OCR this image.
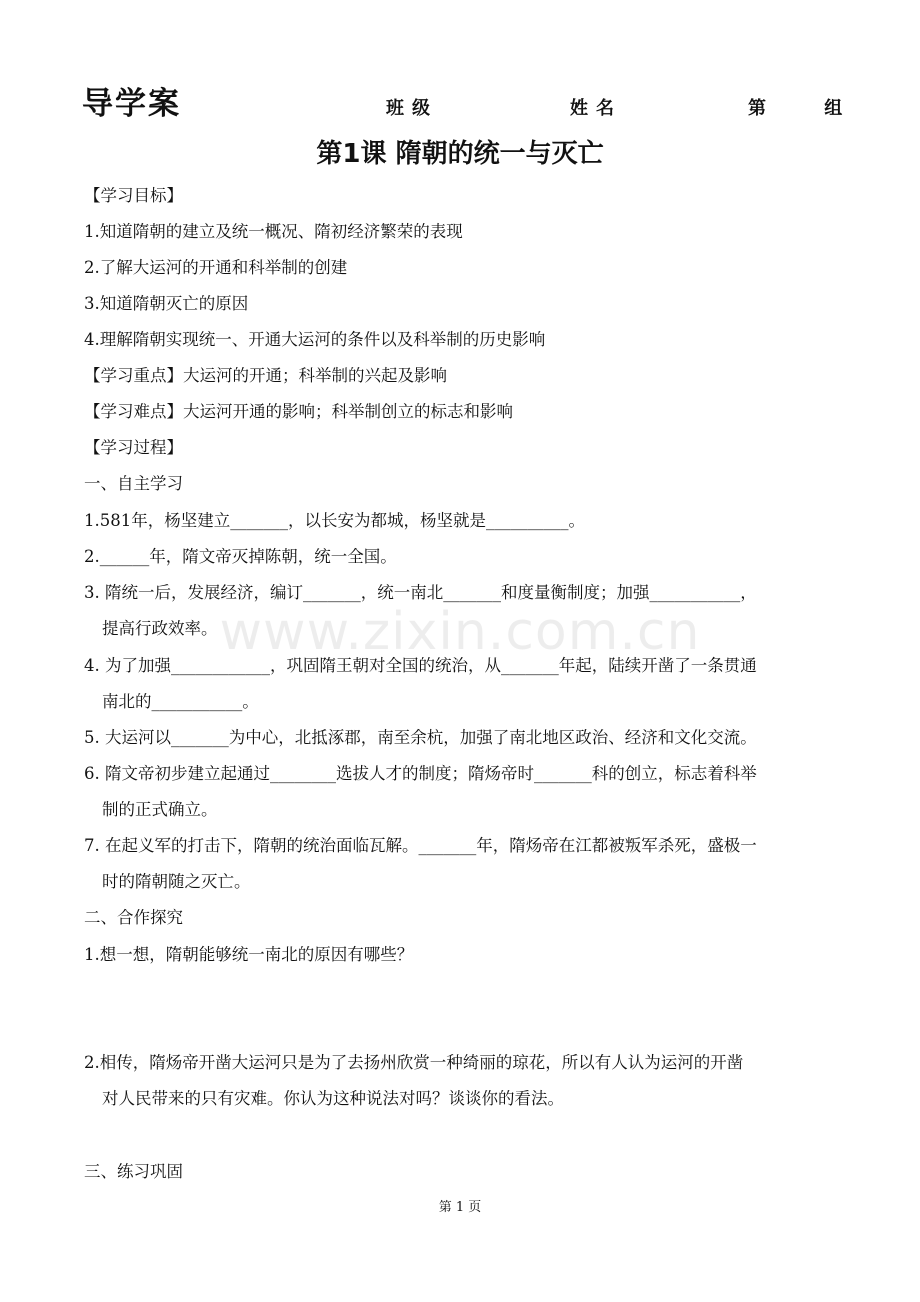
导学案	班级	姓名	第 组
第1课 隋朝的统一与灭亡
【学习目标】
1.知道隋朝的建立及统一概况、隋初经济繁荣的表现
2.了解大运河的开通和科举制的创建
3.知道隋朝灭亡的原因
4.理解隋朝实现统一、开通大运河的条件以及科举制的历史影响
【学习重点】大运河的开通；科举制的兴起及影响
【学习难点】大运河开通的影响；科举制创立的标志和影响
【学习过程】
一、自主学习
1.581年，杨坚建立_______，以长安为都城，杨坚就是__________。
2.______年，隋文帝灭掉陈朝，统一全国。
3. 隋统一后，发展经济，编订_______，统一南北_______和度量衡制度；加强___________，
提高行政效率。
4. 为了加强____________，巩固隋王朝对全国的统治，从_______年起，陆续开凿了一条贯通
南北的___________。
5. 大运河以_______为中心，北抵涿郡，南至余杭，加强了南北地区政治、经济和文化交流。
6. 隋文帝初步建立起通过________选拔人才的制度；隋炀帝时_______科的创立，标志着科举
制的正式确立。
7. 在起义军的打击下，隋朝的统治面临瓦解。_______年，隋炀帝在江都被叛军杀死，盛极一
时的隋朝随之灭亡。
二、合作探究
1.想一想，隋朝能够统一南北的原因有哪些？
2.相传，隋炀帝开凿大运河只是为了去扬州欣赏一种绮丽的琼花，所以有人认为运河的开凿
对人民带来的只有灾难。你认为这种说法对吗？谈谈你的看法。
三、练习巩固
www.zixin.com.cn
第 1 页
